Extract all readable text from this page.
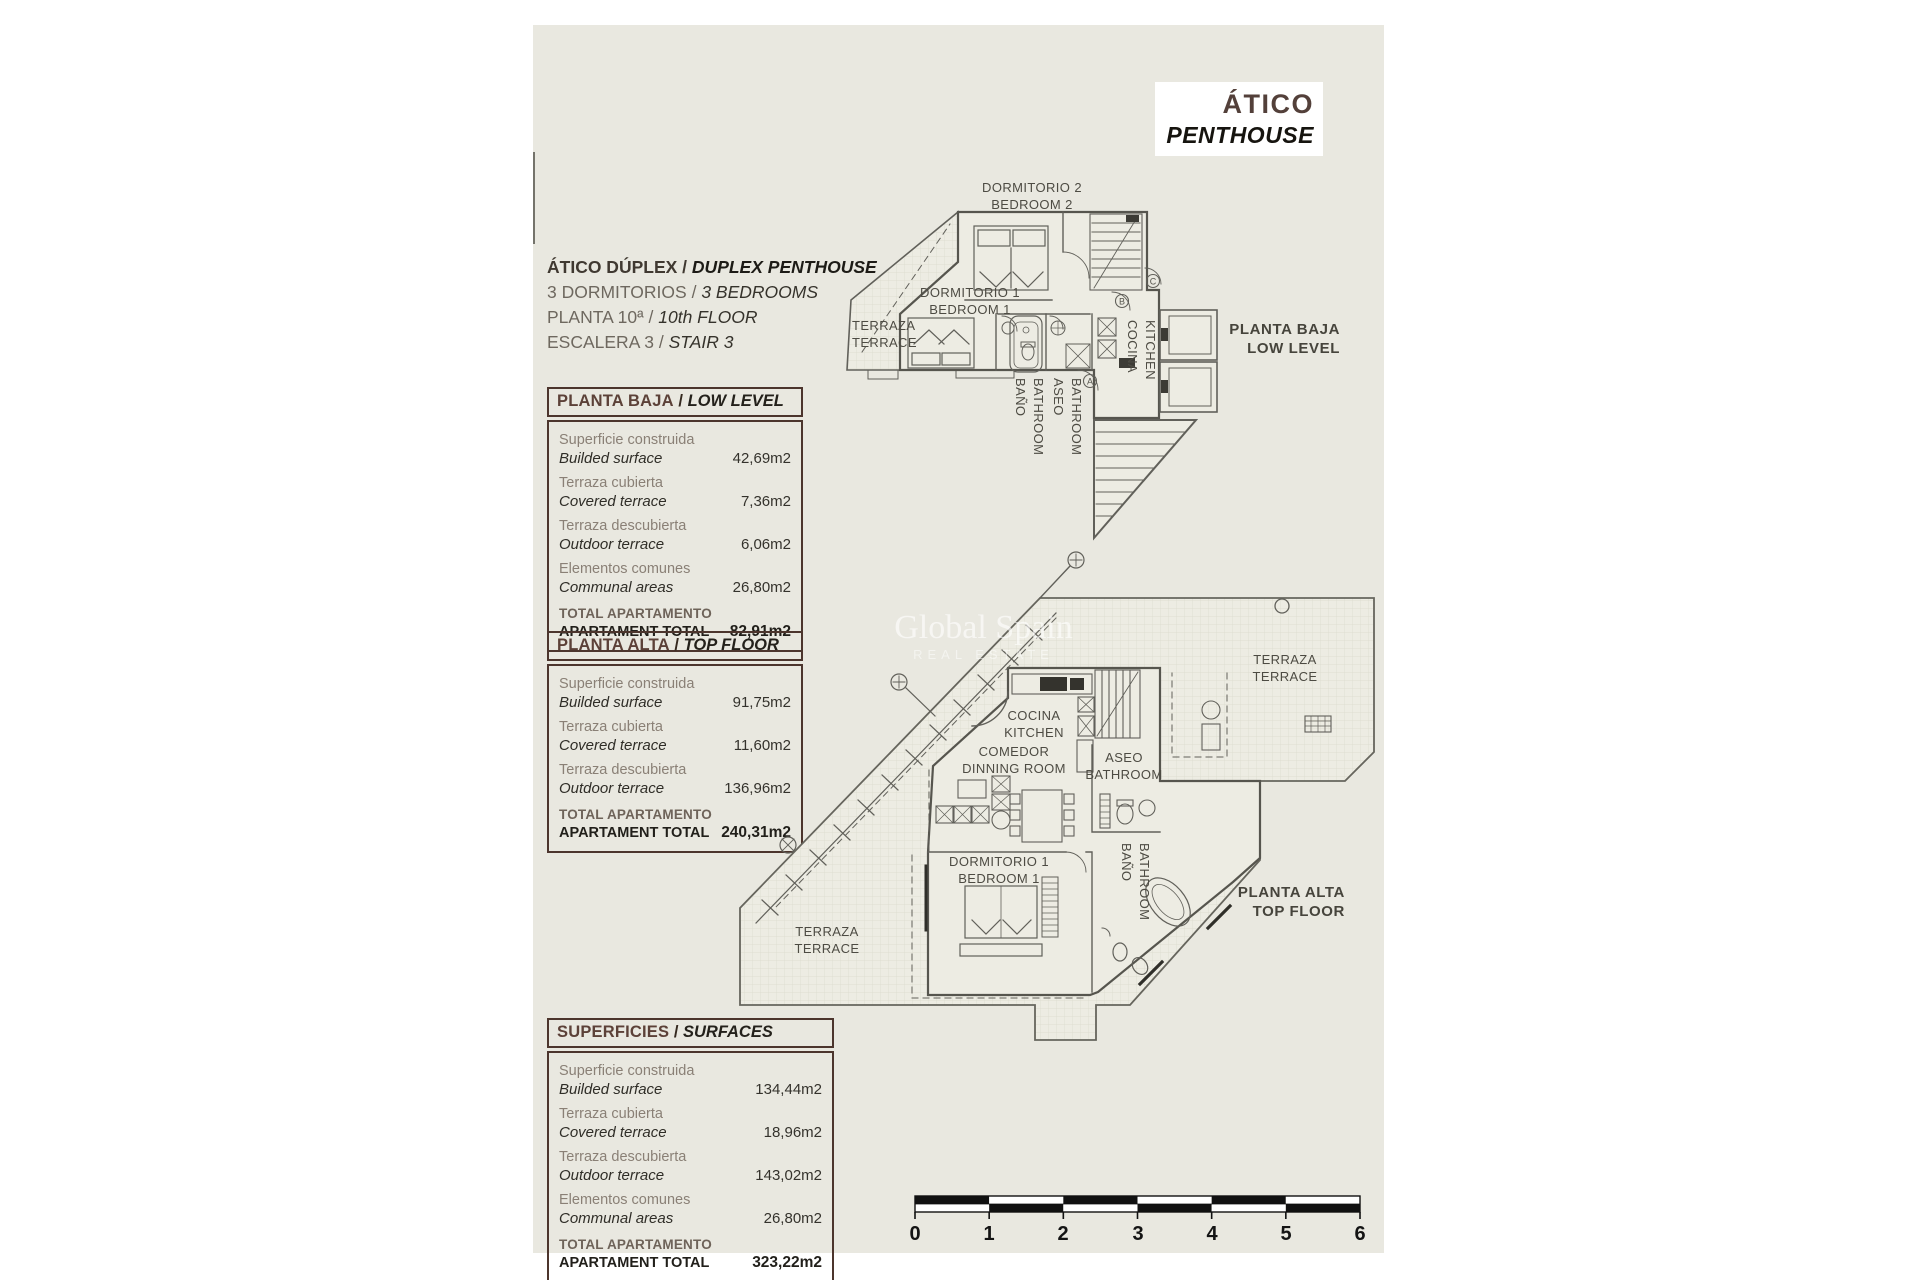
ÁTICO
PENTHOUSE
ÁTICO DÚPLEX / DUPLEX PENTHOUSE
3 DORMITORIOS / 3 BEDROOMS
PLANTA 10ª / 10th FLOOR
ESCALERA 3 / STAIR 3
PLANTA BAJA / LOW LEVEL
Superficie construida
Builded surface	42,69m2
Terraza cubierta
Covered terrace	7,36m2
Terraza descubierta
Outdoor terrace	6,06m2
Elementos comunes
Communal areas	26,80m2
TOTAL APARTAMENTO
APARTAMENT TOTAL 82,91m2
PLANTA ALTA / TOP FLOOR
Superficie construida
Builded surface	91,75m2
Terraza cubierta
Covered terrace	11,60m2
Terraza descubierta
Outdoor terrace	136,96m2
TOTAL APARTAMENTO
APARTAMENT TOTAL 240,31m2
SUPERFICIES / SURFACES
Superficie construida
Builded surface	134,44m2
Terraza cubierta
Covered terrace	18,96m2
Terraza descubierta
Outdoor terrace	143,02m2
Elementos comunes
Communal areas	26,80m2
TOTAL APARTAMENTO
APARTAMENT TOTAL	323,22m2
A
B
C
DORMITORIO 2
BEDROOM 2
DORMITORIO 1
BEDROOM 1
TERRAZA
TERRACE
BAÑO BATHROOM ASEO BATHROOM
COCINA KITCHEN	PLANTA BAJA
LOW LEVEL
COCINA
KITCHEN
COMEDOR
DINNING ROOM
ASEO
BATHROOM
TERRAZA
TERRACE
DORMITORIO 1
BEDROOM 1	BAÑO BATHROOM
TERRAZA
TERRACE
PLANTA ALTA
TOP FLOOR
0	1	2	3	4	5	6
Global Spain
REAL ESTATE
